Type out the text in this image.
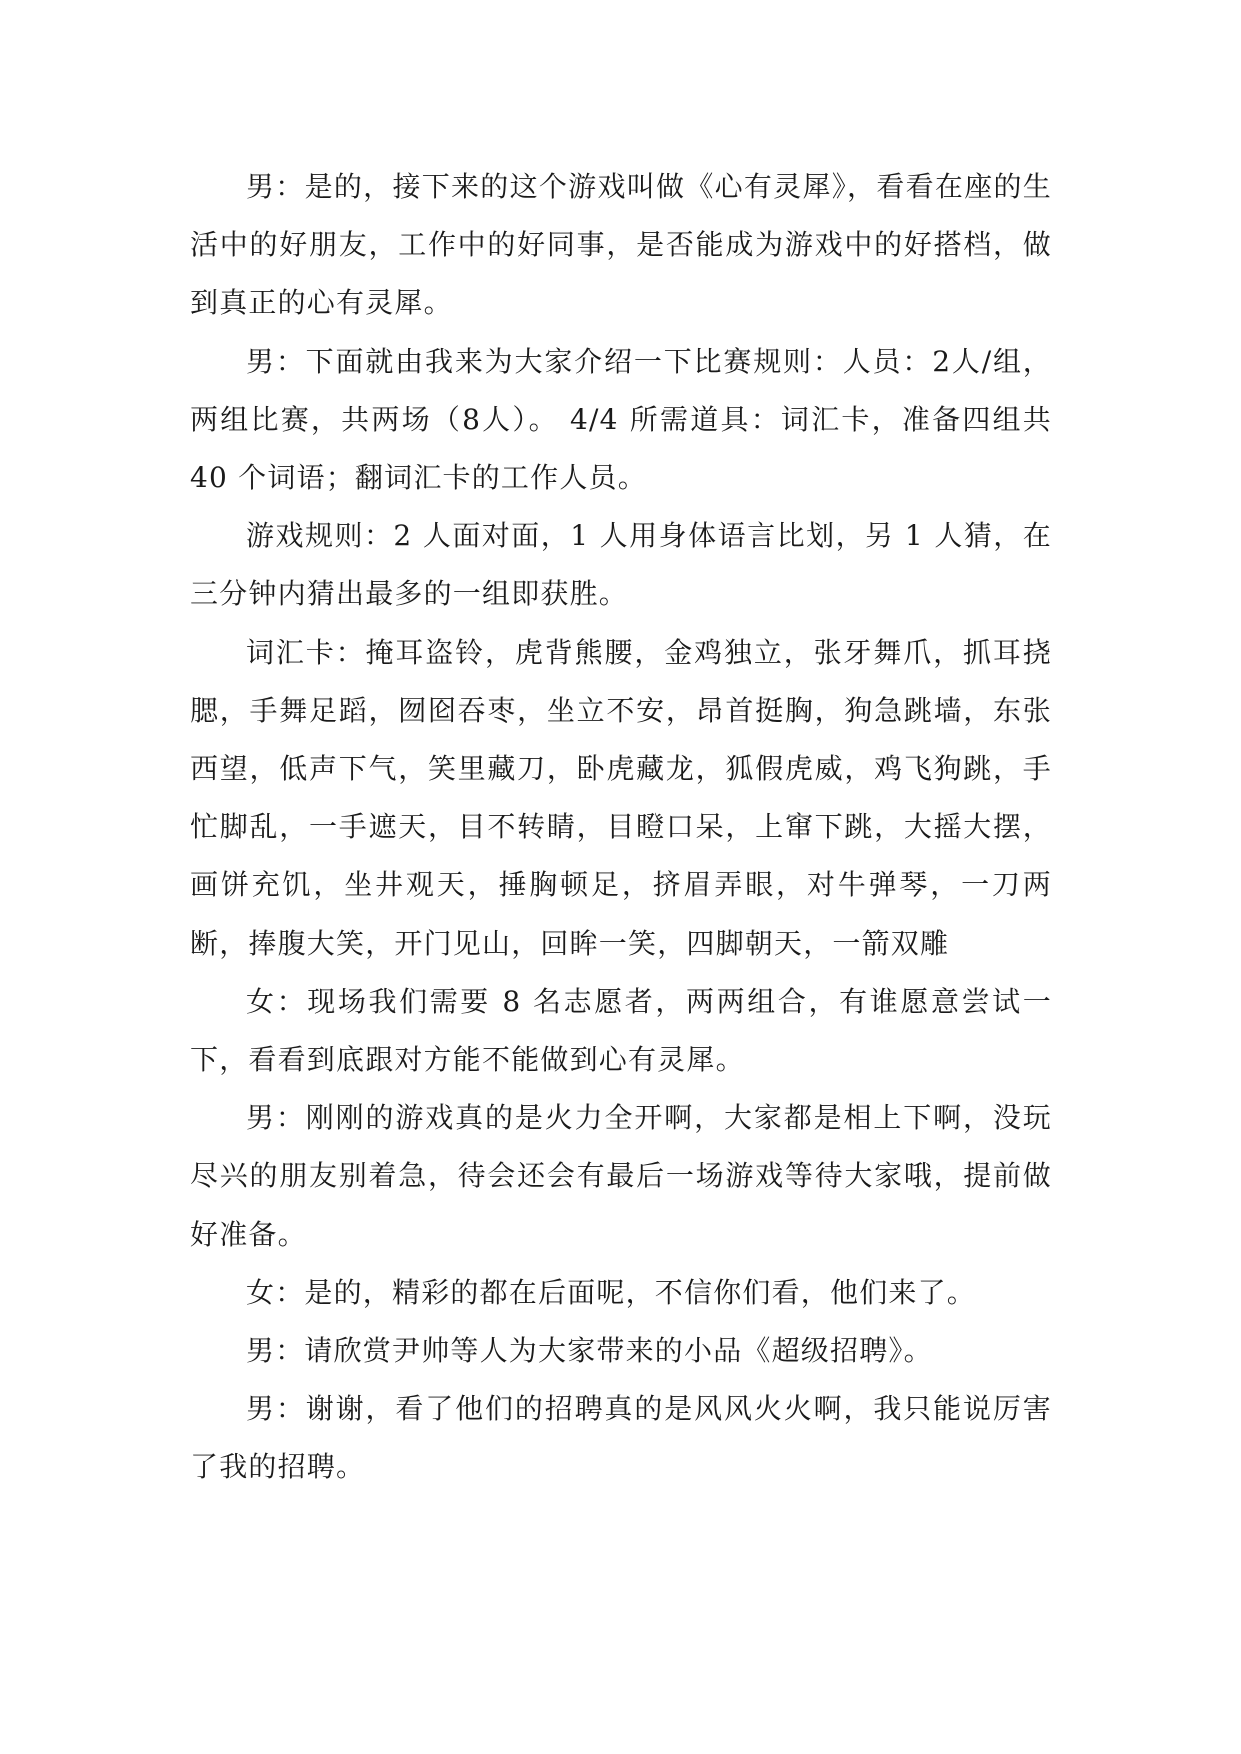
男：是的，接下来的这个游戏叫做《心有灵犀》，看看在座的生活中的好朋友，工作中的好同事，是否能成为游戏中的好搭档，做到真正的心有灵犀。

男：下面就由我来为大家介绍一下比赛规则：人员：2人/组，两组比赛，共两场（8人）。 4/4 所需道具：词汇卡，准备四组共 40 个词语；翻词汇卡的工作人员。

游戏规则：2 人面对面，1 人用身体语言比划，另 1 人猜，在三分钟内猜出最多的一组即获胜。

词汇卡：掩耳盗铃，虎背熊腰，金鸡独立，张牙舞爪，抓耳挠腮，手舞足蹈，囫囵吞枣，坐立不安，昂首挺胸，狗急跳墙，东张西望，低声下气，笑里藏刀，卧虎藏龙，狐假虎威，鸡飞狗跳，手忙脚乱，一手遮天，目不转睛，目瞪口呆，上窜下跳，大摇大摆，画饼充饥，坐井观天，捶胸顿足，挤眉弄眼，对牛弹琴，一刀两断，捧腹大笑，开门见山，回眸一笑，四脚朝天，一箭双雕

女：现场我们需要 8 名志愿者，两两组合，有谁愿意尝试一下，看看到底跟对方能不能做到心有灵犀。

男：刚刚的游戏真的是火力全开啊，大家都是相上下啊，没玩尽兴的朋友别着急，待会还会有最后一场游戏等待大家哦，提前做好准备。

女：是的，精彩的都在后面呢，不信你们看，他们来了。

男：请欣赏尹帅等人为大家带来的小品《超级招聘》。

男：谢谢，看了他们的招聘真的是风风火火啊，我只能说厉害了我的招聘。
